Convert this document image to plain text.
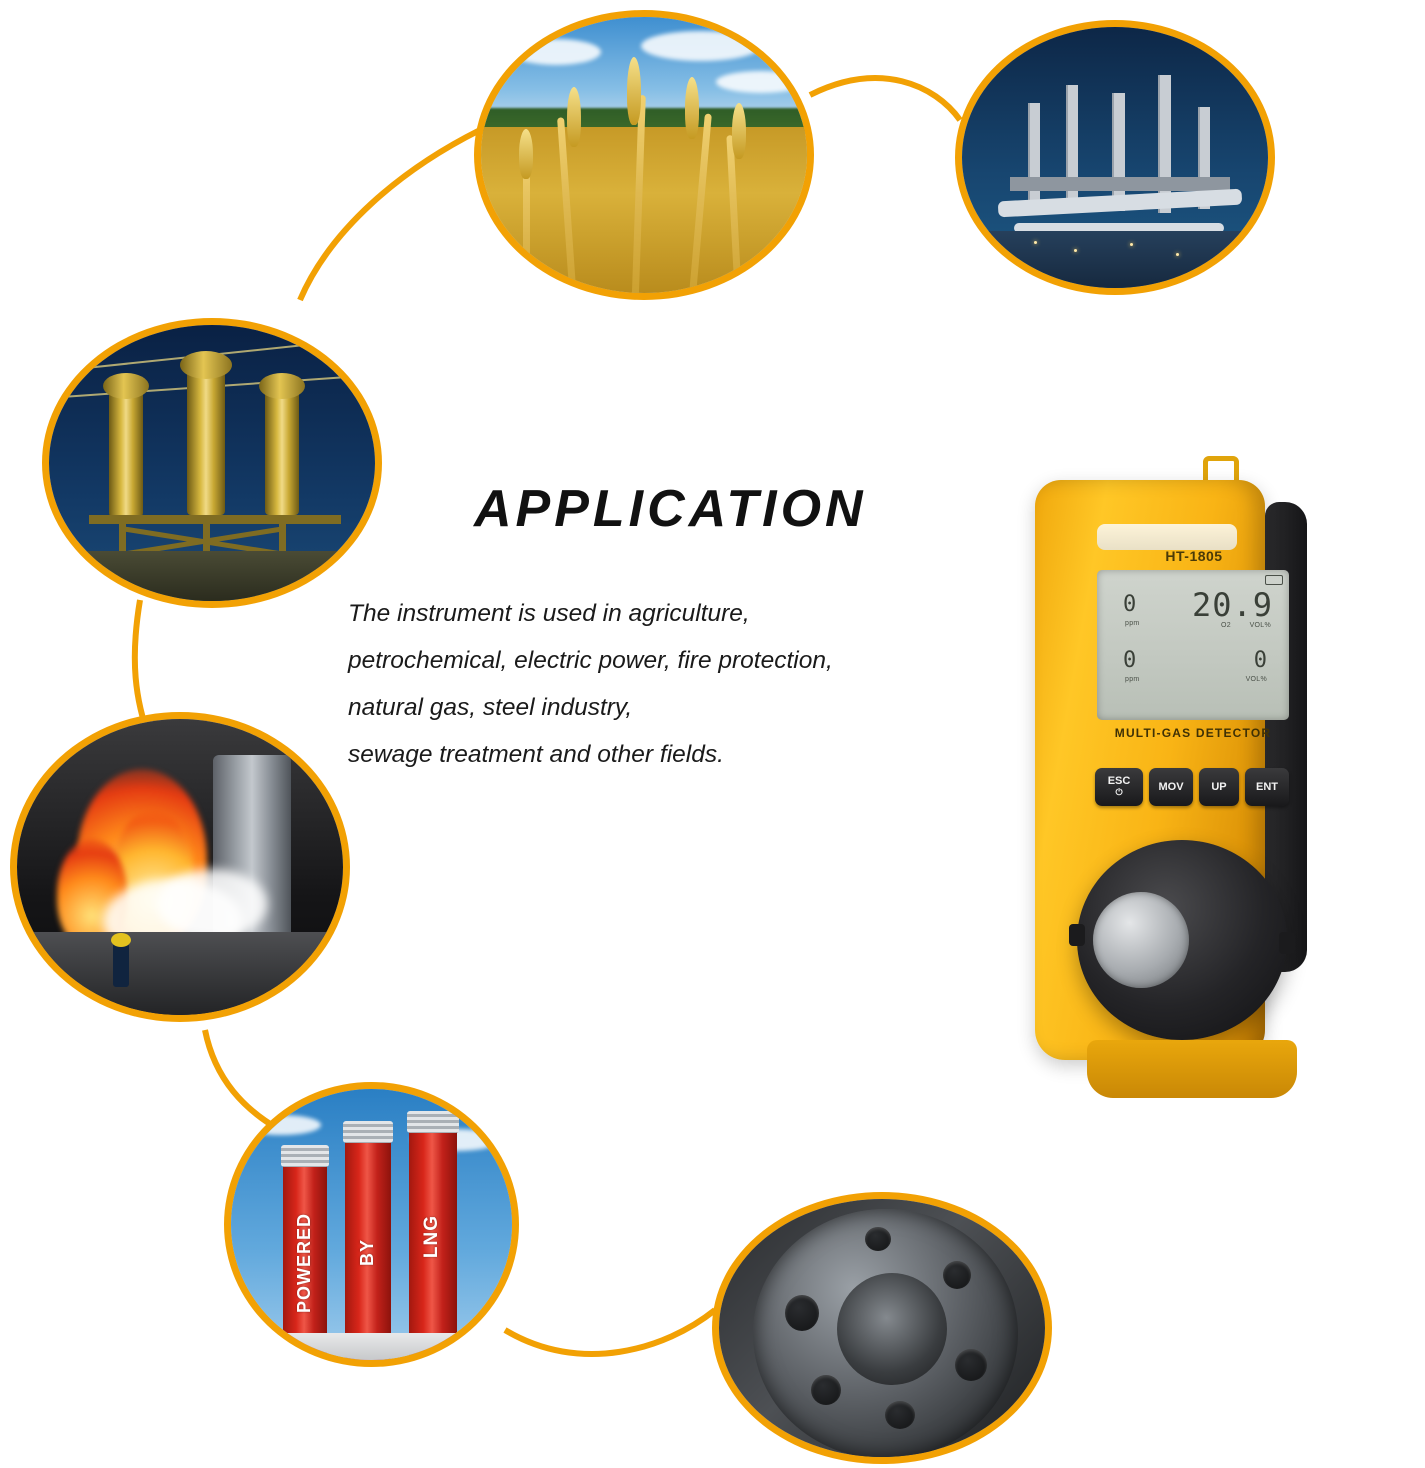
POWERED BY LNG
APPLICATION
The instrument is used in agriculture,
petrochemical, electric power, fire protection,
natural gas, steel industry,
sewage treatment and other fields.
HT-1805
0
ppm 20.9
VOL%
O2
0
ppm
0
VOL%
MULTI-GAS DETECTOR
ESC
⏻	MOV	UP	ENT
